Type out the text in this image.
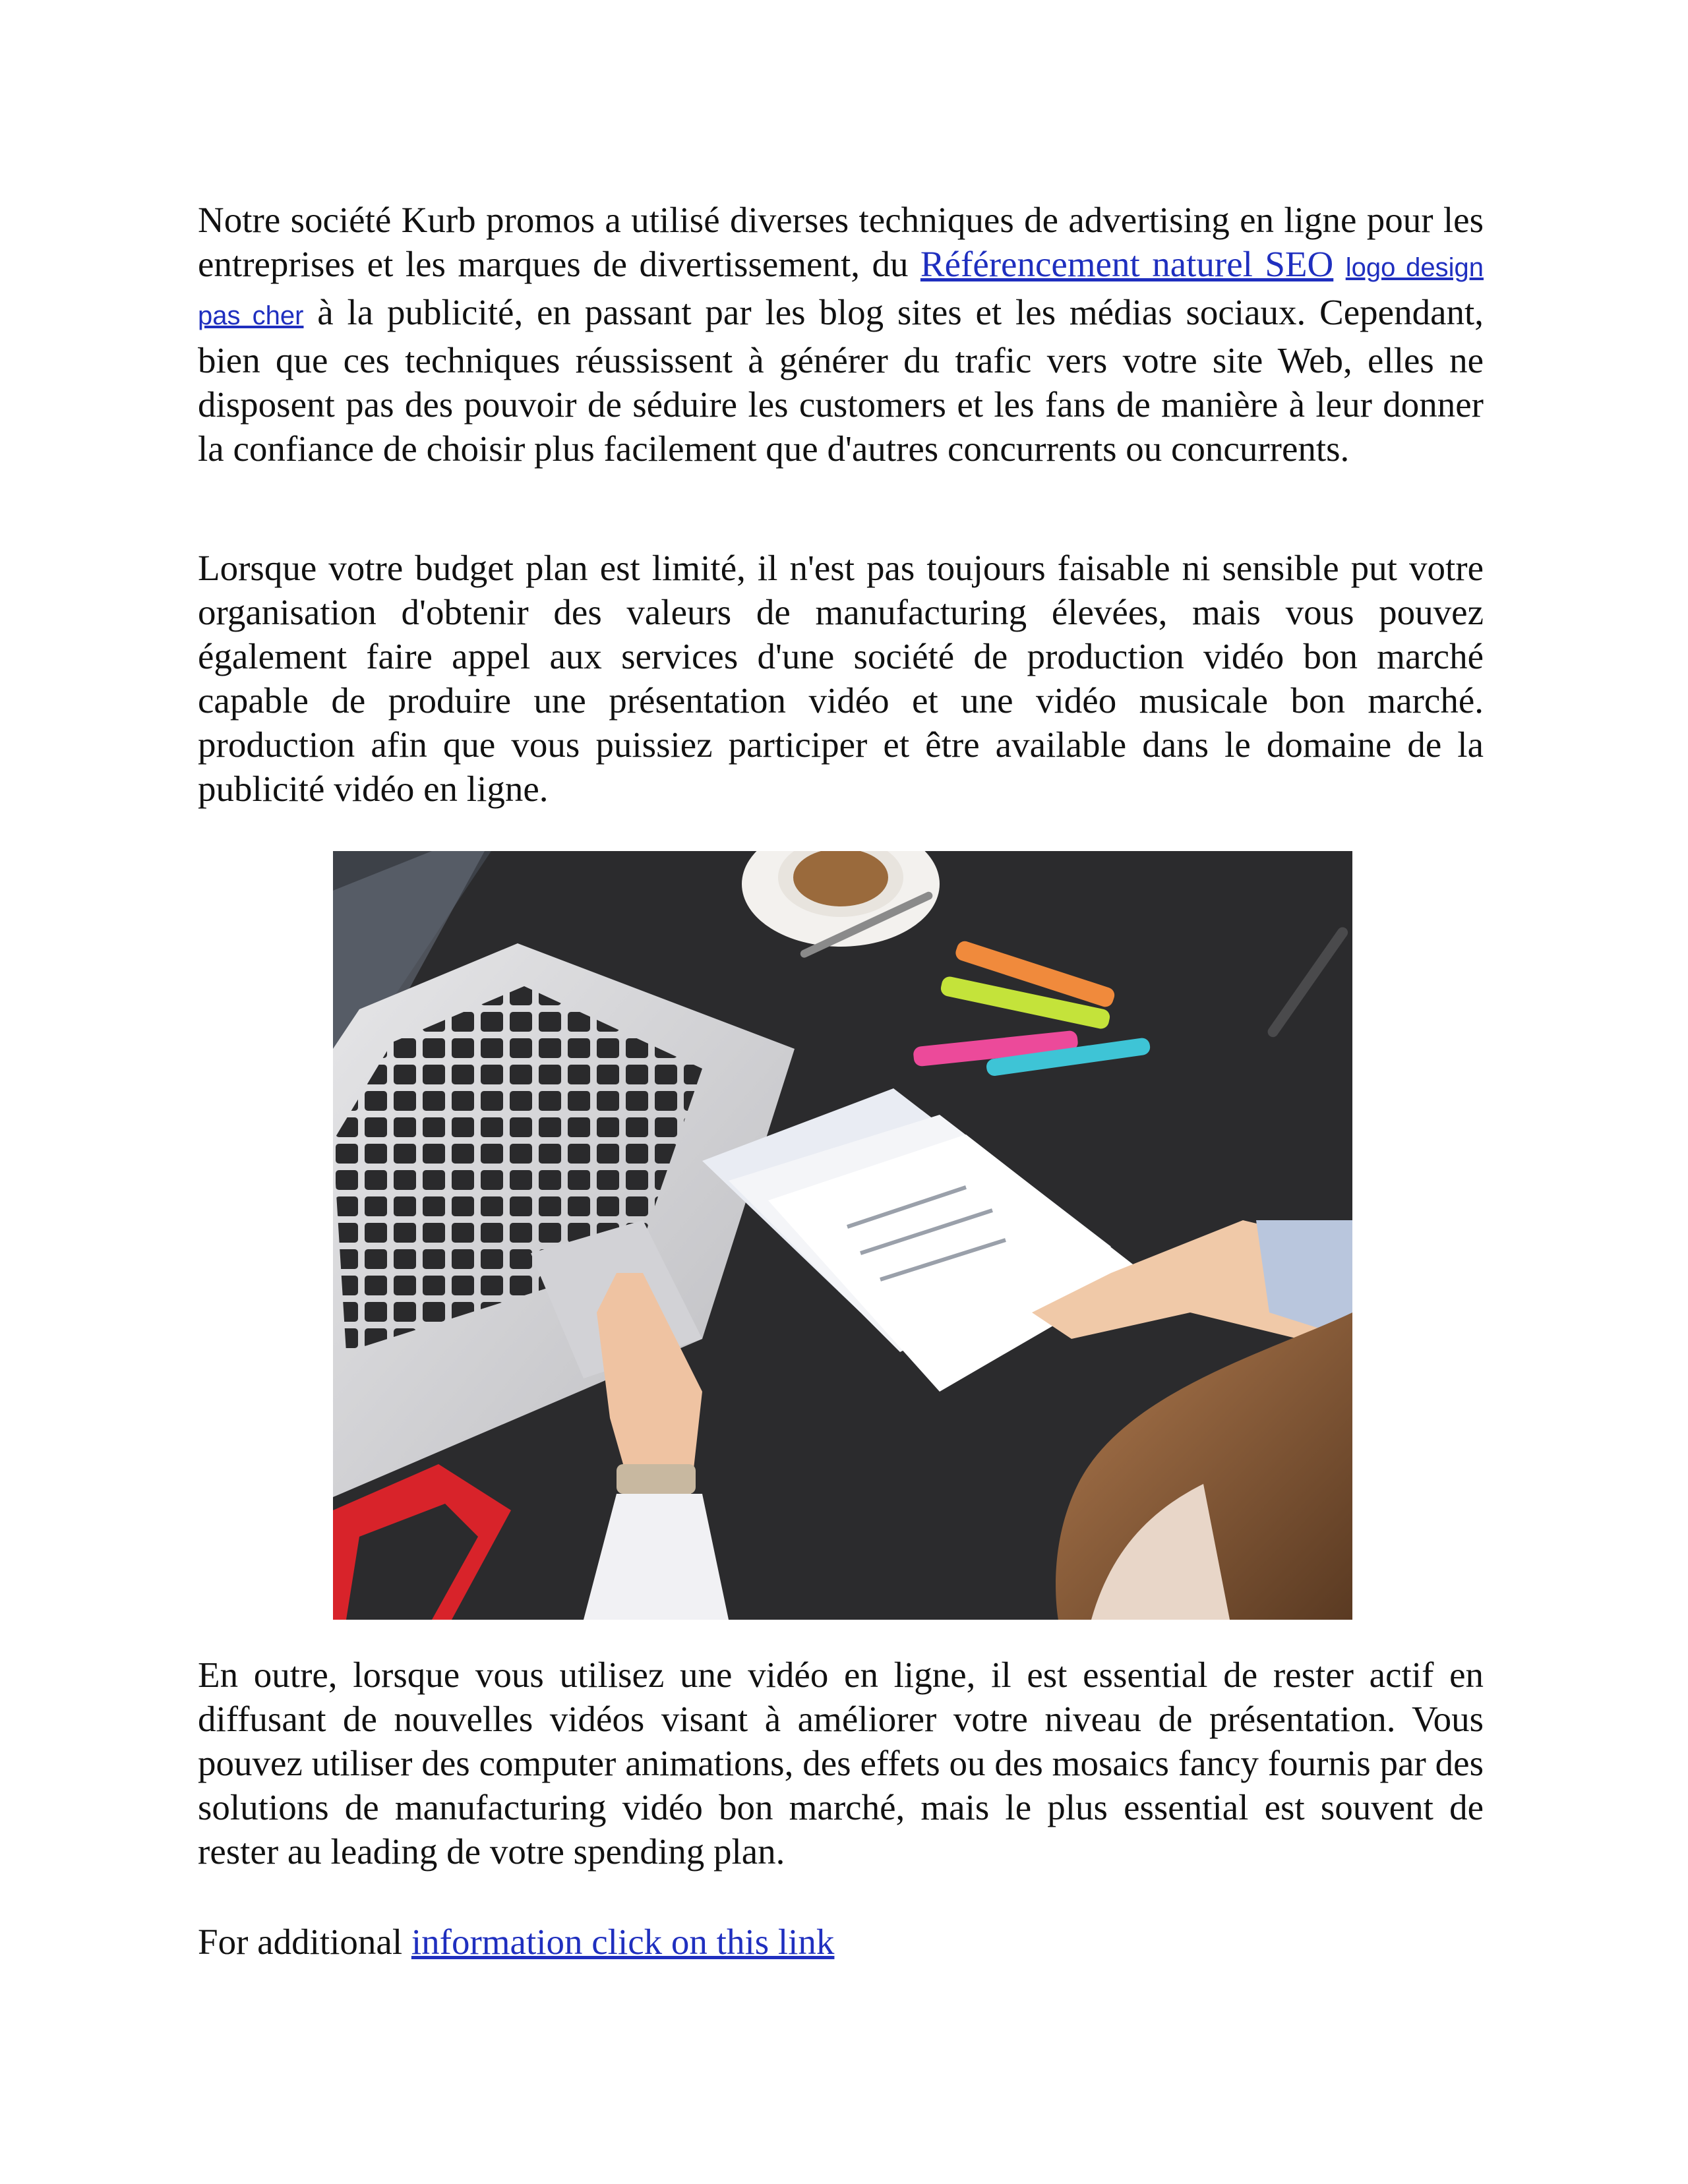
Notre société Kurb promos a utilisé diverses techniques de advertising en ligne pour les entreprises et les marques de divertissement, du Référencement naturel SEO logo design pas cher à la publicité, en passant par les blog sites et les médias sociaux. Cependant, bien que ces techniques réussissent à générer du trafic vers votre site Web, elles ne disposent pas des pouvoir de séduire les customers et les fans de manière à leur donner la confiance de choisir plus facilement que d'autres concurrents ou concurrents.

Lorsque votre budget plan est limité, il n'est pas toujours faisable ni sensible put votre organisation d'obtenir des valeurs de manufacturing élevées, mais vous pouvez également faire appel aux services d'une société de production vidéo bon marché capable de produire une présentation vidéo et une vidéo musicale bon marché. production afin que vous puissiez participer et être available dans le domaine de la publicité vidéo en ligne.

En outre, lorsque vous utilisez une vidéo en ligne, il est essential de rester actif en diffusant de nouvelles vidéos visant à améliorer votre niveau de présentation. Vous pouvez utiliser des computer animations, des effets ou des mosaics fancy fournis par des solutions de manufacturing vidéo bon marché, mais le plus essential est souvent de rester au leading de votre spending plan.

For additional information click on this link
